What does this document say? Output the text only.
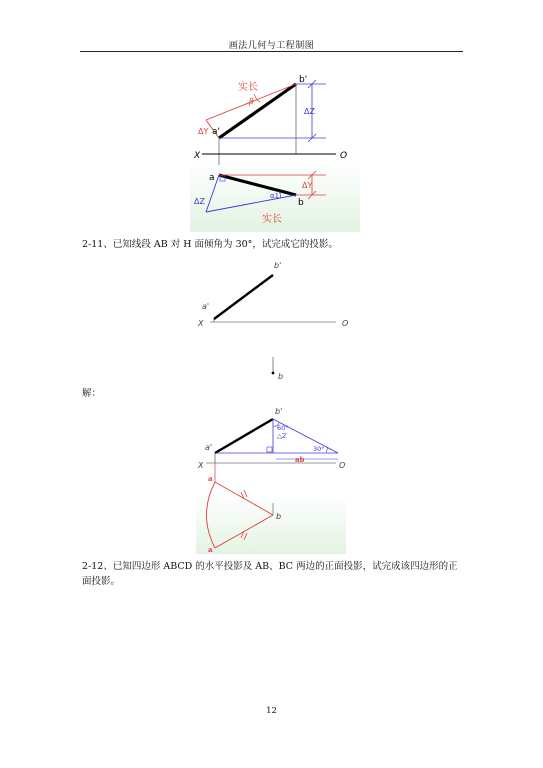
画法几何与工程制图
b'
实长
β
a'
ΔY
ΔZ
X	O
a
b
ΔY
ΔZ
α1
实长
2-11、已知线段 AB 对 H 面倾角为 30°，试完成它的投影。
b'
a'
X	O
b
解：
b'
60°
△Z
30°
ab
a'
X	O
a
b
a
2-12、已知四边形 ABCD 的水平投影及 AB、BC 两边的正面投影，试完成该四边形的正
面投影。
12
